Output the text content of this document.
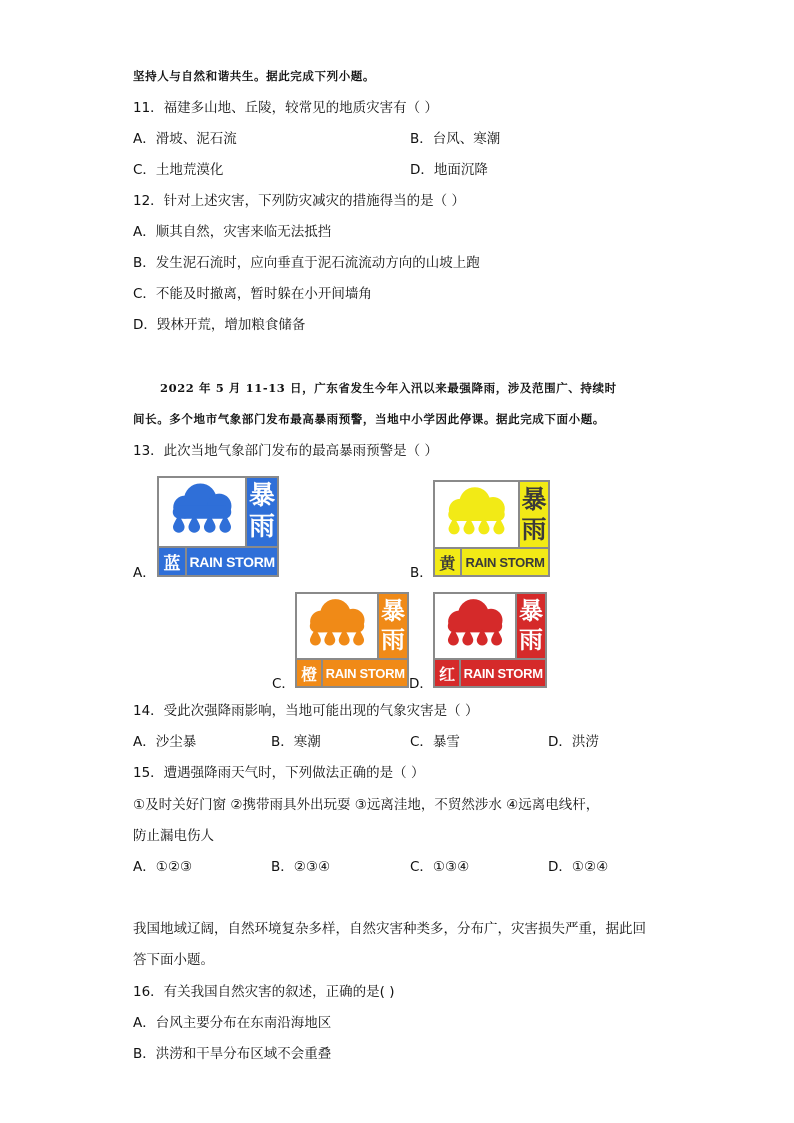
坚持人与自然和谐共生。据此完成下列小题。
11．福建多山地、丘陵，较常见的地质灾害有（ ）
A．滑坡、泥石流	B．台风、寒潮
C．土地荒漠化	D．地面沉降
12．针对上述灾害，下列防灾减灾的措施得当的是（ ）
A．顺其自然，灾害来临无法抵挡
B．发生泥石流时，应向垂直于泥石流流动方向的山坡上跑
C．不能及时撤离，暂时躲在小开间墙角
D．毁林开荒，增加粮食储备
2022 年 5 月 11-13 日，广东省发生今年入汛以来最强降雨，涉及范围广、持续时
间长。多个地市气象部门发布最高暴雨预警，当地中小学因此停课。据此完成下面小题。
13．此次当地气象部门发布的最高暴雨预警是（ ）
A．
暴
雨
蓝 RAIN STORM
B．
暴
雨
黄 RAIN STORM
C．
暴
雨
橙 RAIN STORM
D．
暴
雨
红 RAIN STORM
14．受此次强降雨影响，当地可能出现的气象灾害是（ ）
A．沙尘暴	B．寒潮	C．暴雪	D．洪涝
15．遭遇强降雨天气时，下列做法正确的是（ ）
①及时关好门窗 ②携带雨具外出玩耍 ③远离洼地，不贸然涉水 ④远离电线杆，
防止漏电伤人
A．①②③	B．②③④	C．①③④	D．①②④
我国地域辽阔，自然环境复杂多样，自然灾害种类多，分布广，灾害损失严重，据此回
答下面小题。
16．有关我国自然灾害的叙述，正确的是( )
A．台风主要分布在东南沿海地区
B．洪涝和干旱分布区域不会重叠
